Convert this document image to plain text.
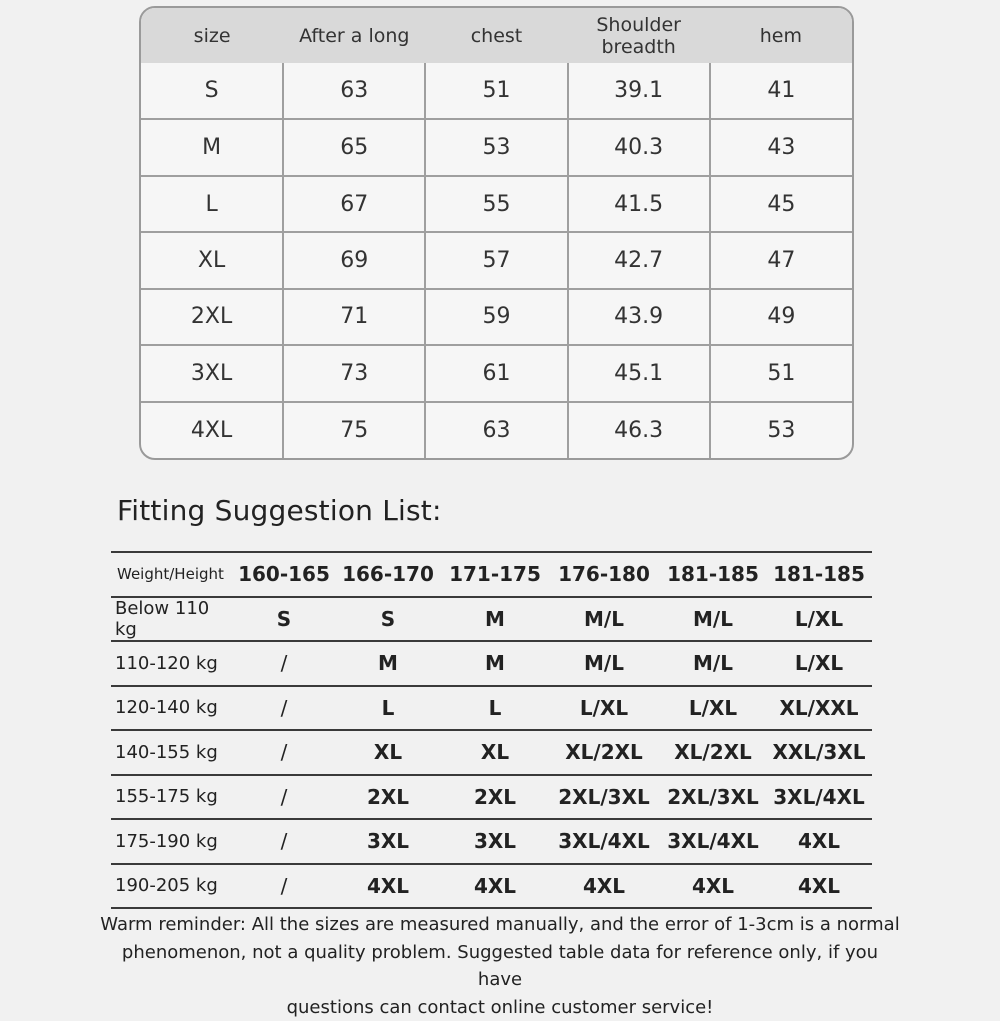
size	After a long	chest	Shoulder breadth	hem
S	63	51	39.1	41
M	65	53	40.3	43
L	67	55	41.5	45
XL	69	57	42.7	47
2XL	71	59	43.9	49
3XL	73	61	45.1	51
4XL	75	63	46.3	53
Fitting Suggestion List:
Weight/Height	160-165	166-170	171-175	176-180	181-185	181-185
Below 110 kg	S	S	M	M/L	M/L	L/XL
110-120 kg	/	M	M	M/L	M/L	L/XL
120-140 kg	/	L	L	L/XL	L/XL	XL/XXL
140-155 kg	/	XL	XL	XL/2XL	XL/2XL	XXL/3XL
155-175 kg	/	2XL	2XL	2XL/3XL	2XL/3XL	3XL/4XL
175-190 kg	/	3XL	3XL	3XL/4XL	3XL/4XL	4XL
190-205 kg	/	4XL	4XL	4XL	4XL	4XL

Warm reminder: All the sizes are measured manually, and the error of 1-3cm is a normal
phenomenon, not a quality problem. Suggested table data for reference only, if you have
questions can contact online customer service!
